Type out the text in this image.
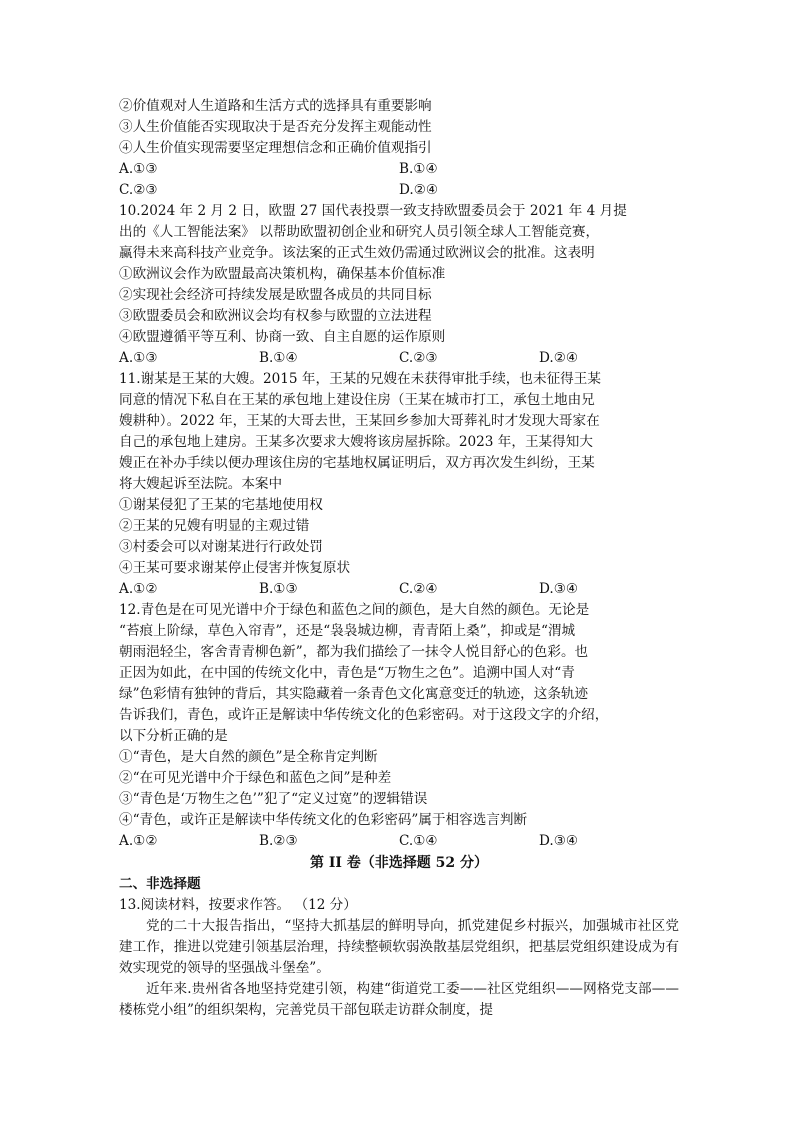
②价值观对人生道路和生活方式的选择具有重要影响
③人生价值能否实现取决于是否充分发挥主观能动性
④人生价值实现需要坚定理想信念和正确价值观指引
A.①③	B.①④
C.②③	D.②④
10.2024 年 2 月 2 日，欧盟 27 国代表投票一致支持欧盟委员会于 2021 年 4 月提
出的《人工智能法案》 以帮助欧盟初创企业和研究人员引领全球人工智能竞赛，
赢得未来高科技产业竞争。该法案的正式生效仍需通过欧洲议会的批准。这表明
①欧洲议会作为欧盟最高决策机构，确保基本价值标准
②实现社会经济可持续发展是欧盟各成员的共同目标
③欧盟委员会和欧洲议会均有权参与欧盟的立法进程
④欧盟遵循平等互利、协商一致、自主自愿的运作原则
A.①③	B.①④	C.②③	D.②④
11.谢某是王某的大嫂。2015 年，王某的兄嫂在未获得审批手续，也未征得王某
同意的情况下私自在王某的承包地上建设住房（王某在城市打工，承包土地由兄
嫂耕种）。2022 年，王某的大哥去世，王某回乡参加大哥葬礼时才发现大哥家在
自己的承包地上建房。王某多次要求大嫂将该房屋拆除。2023 年，王某得知大
嫂正在补办手续以便办理该住房的宅基地权属证明后，双方再次发生纠纷，王某
将大嫂起诉至法院。本案中
①谢某侵犯了王某的宅基地使用权
②王某的兄嫂有明显的主观过错
③村委会可以对谢某进行行政处罚
④王某可要求谢某停止侵害并恢复原状
A.①②	B.①③	C.②④	D.③④
12.青色是在可见光谱中介于绿色和蓝色之间的颜色，是大自然的颜色。无论是
“苔痕上阶绿，草色入帘青”，还是“袅袅城边柳，青青陌上桑”，抑或是“渭城
朝雨浥轻尘，客舍青青柳色新”，都为我们描绘了一抹令人悦目舒心的色彩。也
正因为如此，在中国的传统文化中，青色是“万物生之色”。追溯中国人对“青
绿”色彩情有独钟的背后，其实隐藏着一条青色文化寓意变迁的轨迹，这条轨迹
告诉我们，青色，或许正是解读中华传统文化的色彩密码。对于这段文字的介绍，
以下分析正确的是
①“青色，是大自然的颜色”是全称肯定判断
②“在可见光谱中介于绿色和蓝色之间”是种差
③“青色是‘万物生之色’”犯了“定义过宽”的逻辑错误
④“青色，或许正是解读中华传统文化的色彩密码”属于相容选言判断
A.①②	B.②③	C.①④	D.③④
第 II 卷（非选择题 52 分）
二、非选择题
13.阅读材料，按要求作答。 （12 分）
党的二十大报告指出，“坚持大抓基层的鲜明导向，抓党建促乡村振兴，加强城市社区党建工作，推进以党建引领基层治理，持续整顿软弱涣散基层党组织，把基层党组织建设成为有效实现党的领导的坚强战斗堡垒”。
近年来.贵州省各地坚持党建引领，构建“街道党工委——社区党组织——网格党支部——楼栋党小组”的组织架构，完善党员干部包联走访群众制度，提
